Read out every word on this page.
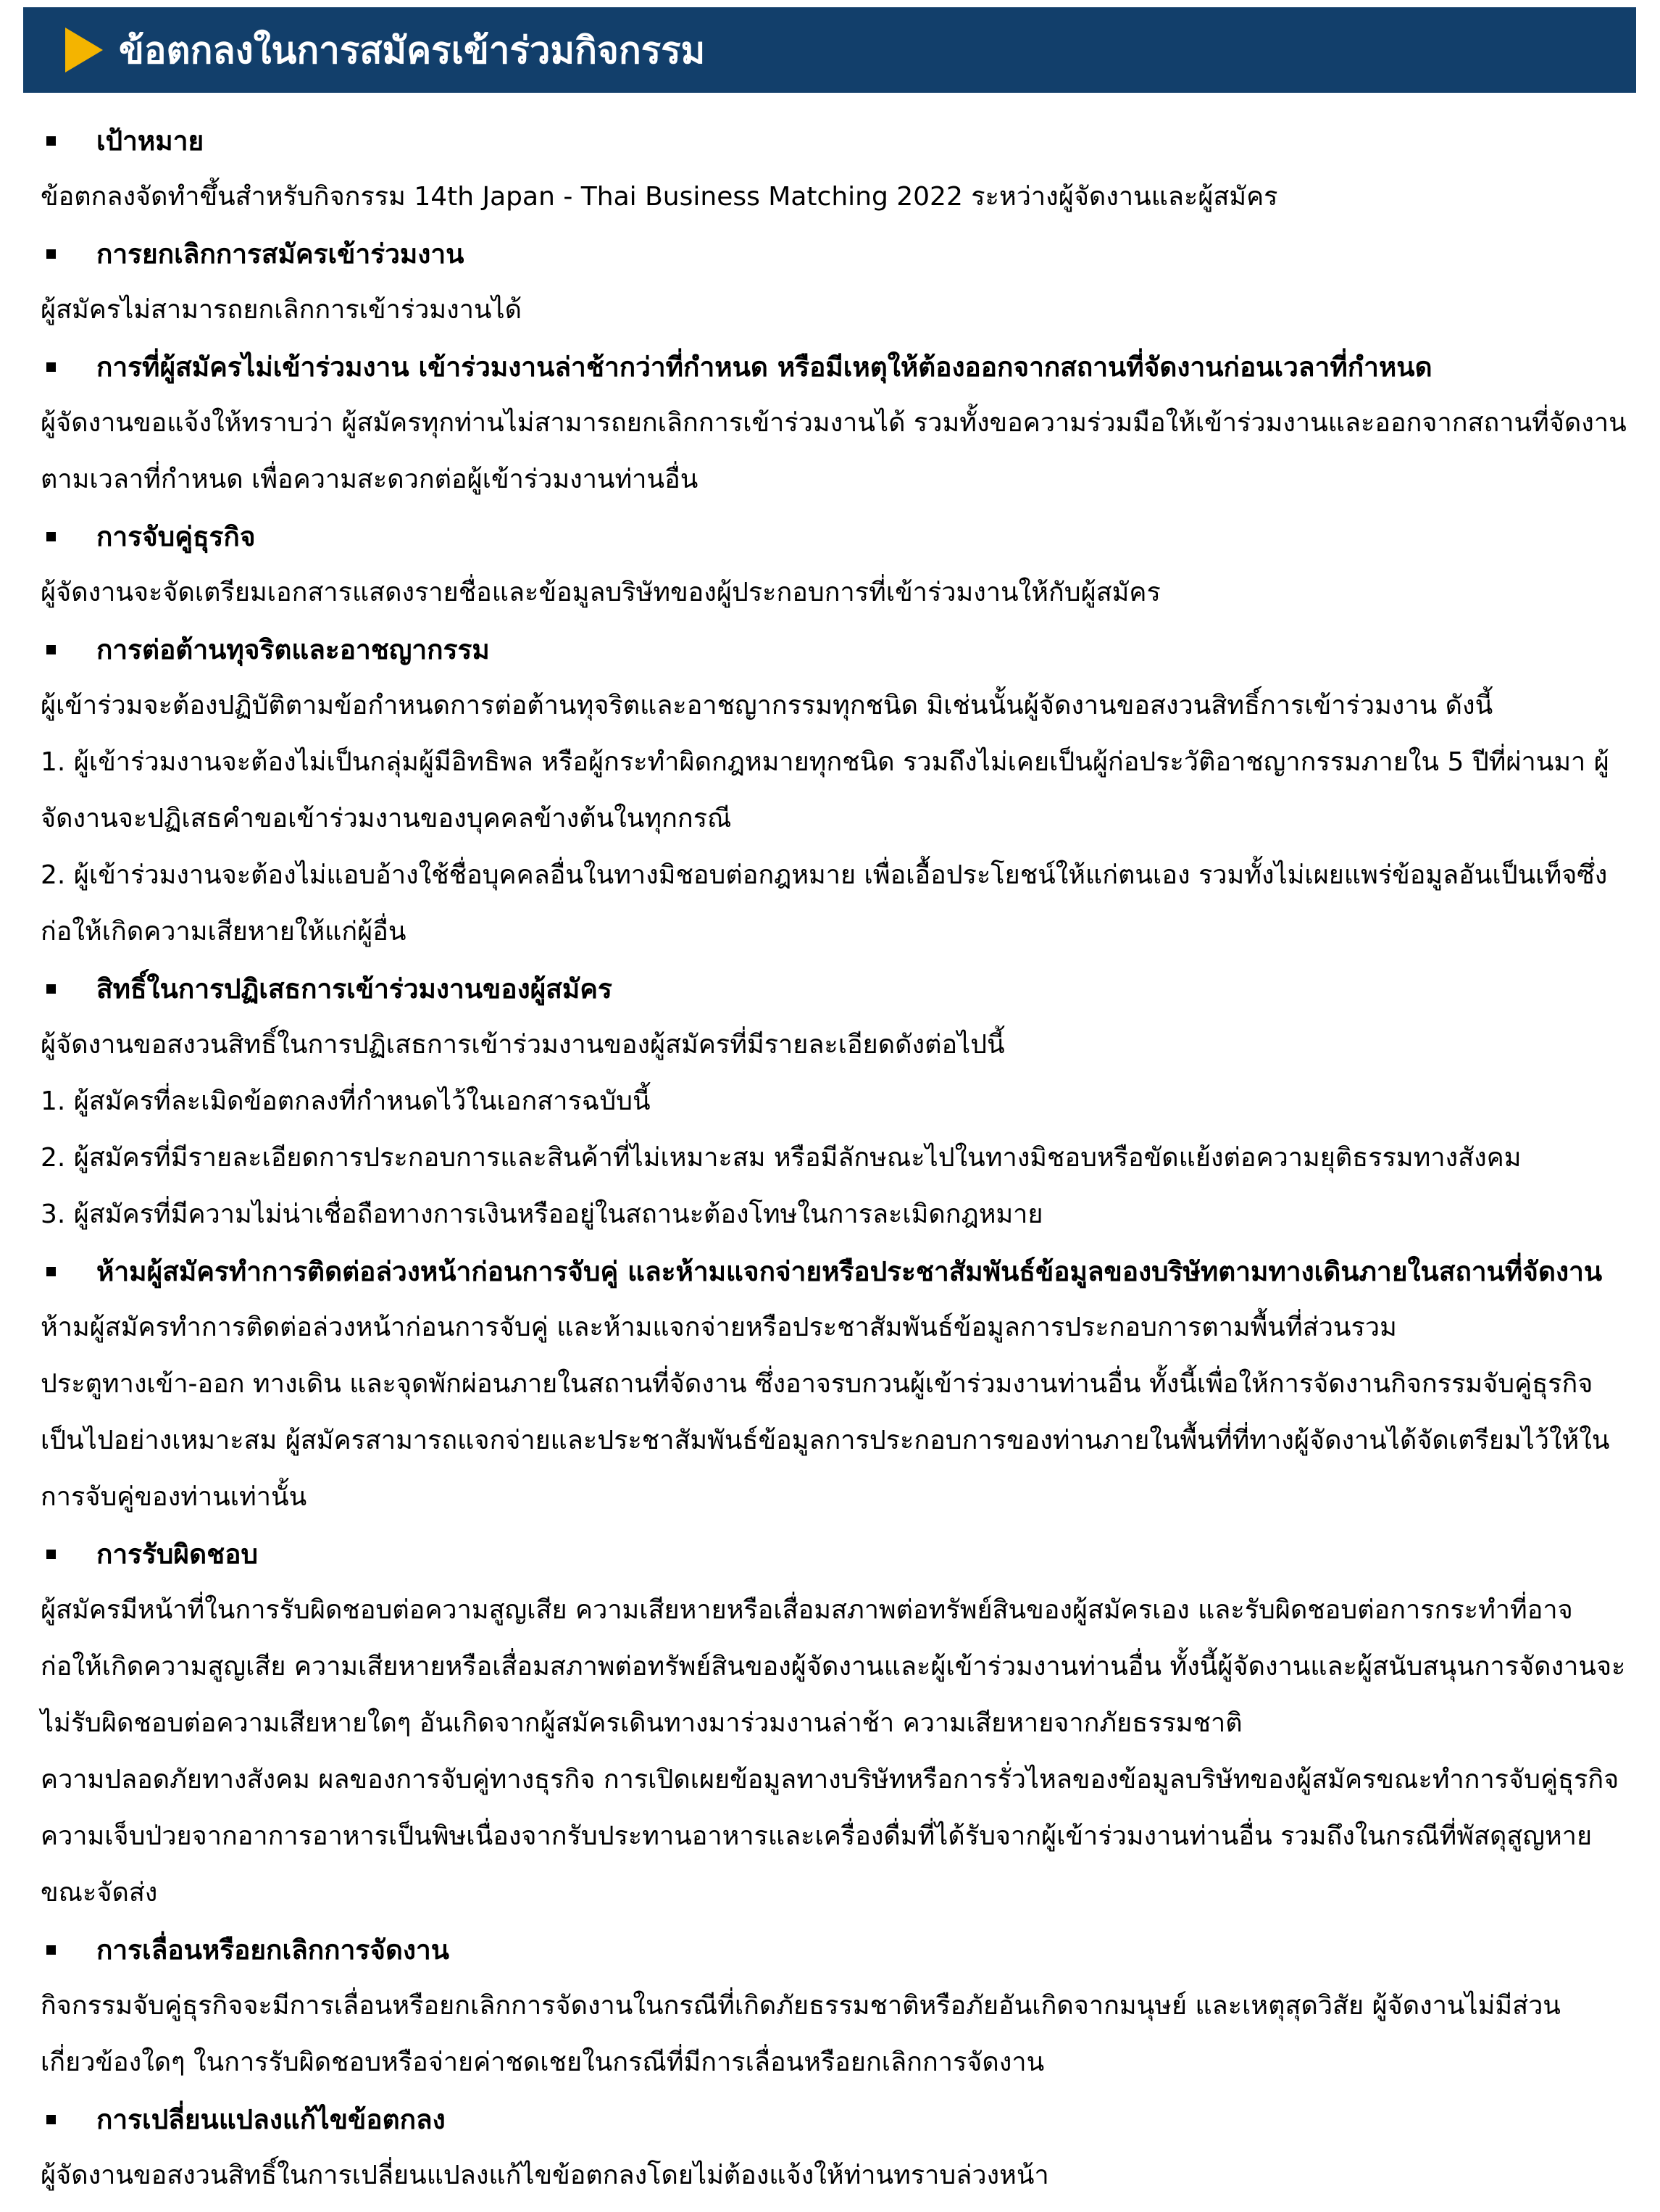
ข้อตกลงในการสมัครเข้าร่วมกิจกรรม
เป้าหมาย
ข้อตกลงจัดทำขึ้นสำหรับกิจกรรม 14th Japan - Thai Business Matching 2022 ระหว่างผู้จัดงานและผู้สมัคร
การยกเลิกการสมัครเข้าร่วมงาน
ผู้สมัครไม่สามารถยกเลิกการเข้าร่วมงานได้
การที่ผู้สมัครไม่เข้าร่วมงาน เข้าร่วมงานล่าช้ากว่าที่กำหนด หรือมีเหตุให้ต้องออกจากสถานที่จัดงานก่อนเวลาที่กำหนด
ผู้จัดงานขอแจ้งให้ทราบว่า ผู้สมัครทุกท่านไม่สามารถยกเลิกการเข้าร่วมงานได้ รวมทั้งขอความร่วมมือให้เข้าร่วมงานและออกจากสถานที่จัดงาน
ตามเวลาที่กำหนด เพื่อความสะดวกต่อผู้เข้าร่วมงานท่านอื่น
การจับคู่ธุรกิจ
ผู้จัดงานจะจัดเตรียมเอกสารแสดงรายชื่อและข้อมูลบริษัทของผู้ประกอบการที่เข้าร่วมงานให้กับผู้สมัคร
การต่อต้านทุจริตและอาชญากรรม
ผู้เข้าร่วมจะต้องปฏิบัติตามข้อกำหนดการต่อต้านทุจริตและอาชญากรรมทุกชนิด มิเช่นนั้นผู้จัดงานขอสงวนสิทธิ์การเข้าร่วมงาน ดังนี้
1. ผู้เข้าร่วมงานจะต้องไม่เป็นกลุ่มผู้มีอิทธิพล หรือผู้กระทำผิดกฎหมายทุกชนิด รวมถึงไม่เคยเป็นผู้ก่อประวัติอาชญากรรมภายใน 5 ปีที่ผ่านมา ผู้
จัดงานจะปฏิเสธคำขอเข้าร่วมงานของบุคคลข้างต้นในทุกกรณี
2. ผู้เข้าร่วมงานจะต้องไม่แอบอ้างใช้ชื่อบุคคลอื่นในทางมิชอบต่อกฎหมาย เพื่อเอื้อประโยชน์ให้แก่ตนเอง รวมทั้งไม่เผยแพร่ข้อมูลอันเป็นเท็จซึ่ง
ก่อให้เกิดความเสียหายให้แก่ผู้อื่น
สิทธิ์ในการปฏิเสธการเข้าร่วมงานของผู้สมัคร
ผู้จัดงานขอสงวนสิทธิ์ในการปฏิเสธการเข้าร่วมงานของผู้สมัครที่มีรายละเอียดดังต่อไปนี้
1. ผู้สมัครที่ละเมิดข้อตกลงที่กำหนดไว้ในเอกสารฉบับนี้
2. ผู้สมัครที่มีรายละเอียดการประกอบการและสินค้าที่ไม่เหมาะสม หรือมีลักษณะไปในทางมิชอบหรือขัดแย้งต่อความยุติธรรมทางสังคม
3. ผู้สมัครที่มีความไม่น่าเชื่อถือทางการเงินหรืออยู่ในสถานะต้องโทษในการละเมิดกฎหมาย
ห้ามผู้สมัครทำการติดต่อล่วงหน้าก่อนการจับคู่ และห้ามแจกจ่ายหรือประชาสัมพันธ์ข้อมูลของบริษัทตามทางเดินภายในสถานที่จัดงาน
ห้ามผู้สมัครทำการติดต่อล่วงหน้าก่อนการจับคู่ และห้ามแจกจ่ายหรือประชาสัมพันธ์ข้อมูลการประกอบการตามพื้นที่ส่วนรวม
ประตูทางเข้า-ออก ทางเดิน และจุดพักผ่อนภายในสถานที่จัดงาน ซึ่งอาจรบกวนผู้เข้าร่วมงานท่านอื่น ทั้งนี้เพื่อให้การจัดงานกิจกรรมจับคู่ธุรกิจ
เป็นไปอย่างเหมาะสม ผู้สมัครสามารถแจกจ่ายและประชาสัมพันธ์ข้อมูลการประกอบการของท่านภายในพื้นที่ที่ทางผู้จัดงานได้จัดเตรียมไว้ให้ใน
การจับคู่ของท่านเท่านั้น
การรับผิดชอบ
ผู้สมัครมีหน้าที่ในการรับผิดชอบต่อความสูญเสีย ความเสียหายหรือเสื่อมสภาพต่อทรัพย์สินของผู้สมัครเอง และรับผิดชอบต่อการกระทำที่อาจ
ก่อให้เกิดความสูญเสีย ความเสียหายหรือเสื่อมสภาพต่อทรัพย์สินของผู้จัดงานและผู้เข้าร่วมงานท่านอื่น ทั้งนี้ผู้จัดงานและผู้สนับสนุนการจัดงานจะ
ไม่รับผิดชอบต่อความเสียหายใดๆ อันเกิดจากผู้สมัครเดินทางมาร่วมงานล่าช้า ความเสียหายจากภัยธรรมชาติ
ความปลอดภัยทางสังคม ผลของการจับคู่ทางธุรกิจ การเปิดเผยข้อมูลทางบริษัทหรือการรั่วไหลของข้อมูลบริษัทของผู้สมัครขณะทำการจับคู่ธุรกิจ
ความเจ็บป่วยจากอาการอาหารเป็นพิษเนื่องจากรับประทานอาหารและเครื่องดื่มที่ได้รับจากผู้เข้าร่วมงานท่านอื่น รวมถึงในกรณีที่พัสดุสูญหาย
ขณะจัดส่ง
การเลื่อนหรือยกเลิกการจัดงาน
กิจกรรมจับคู่ธุรกิจจะมีการเลื่อนหรือยกเลิกการจัดงานในกรณีที่เกิดภัยธรรมชาติหรือภัยอันเกิดจากมนุษย์ และเหตุสุดวิสัย ผู้จัดงานไม่มีส่วน
เกี่ยวข้องใดๆ ในการรับผิดชอบหรือจ่ายค่าชดเชยในกรณีที่มีการเลื่อนหรือยกเลิกการจัดงาน
การเปลี่ยนแปลงแก้ไขข้อตกลง
ผู้จัดงานขอสงวนสิทธิ์ในการเปลี่ยนแปลงแก้ไขข้อตกลงโดยไม่ต้องแจ้งให้ท่านทราบล่วงหน้า
